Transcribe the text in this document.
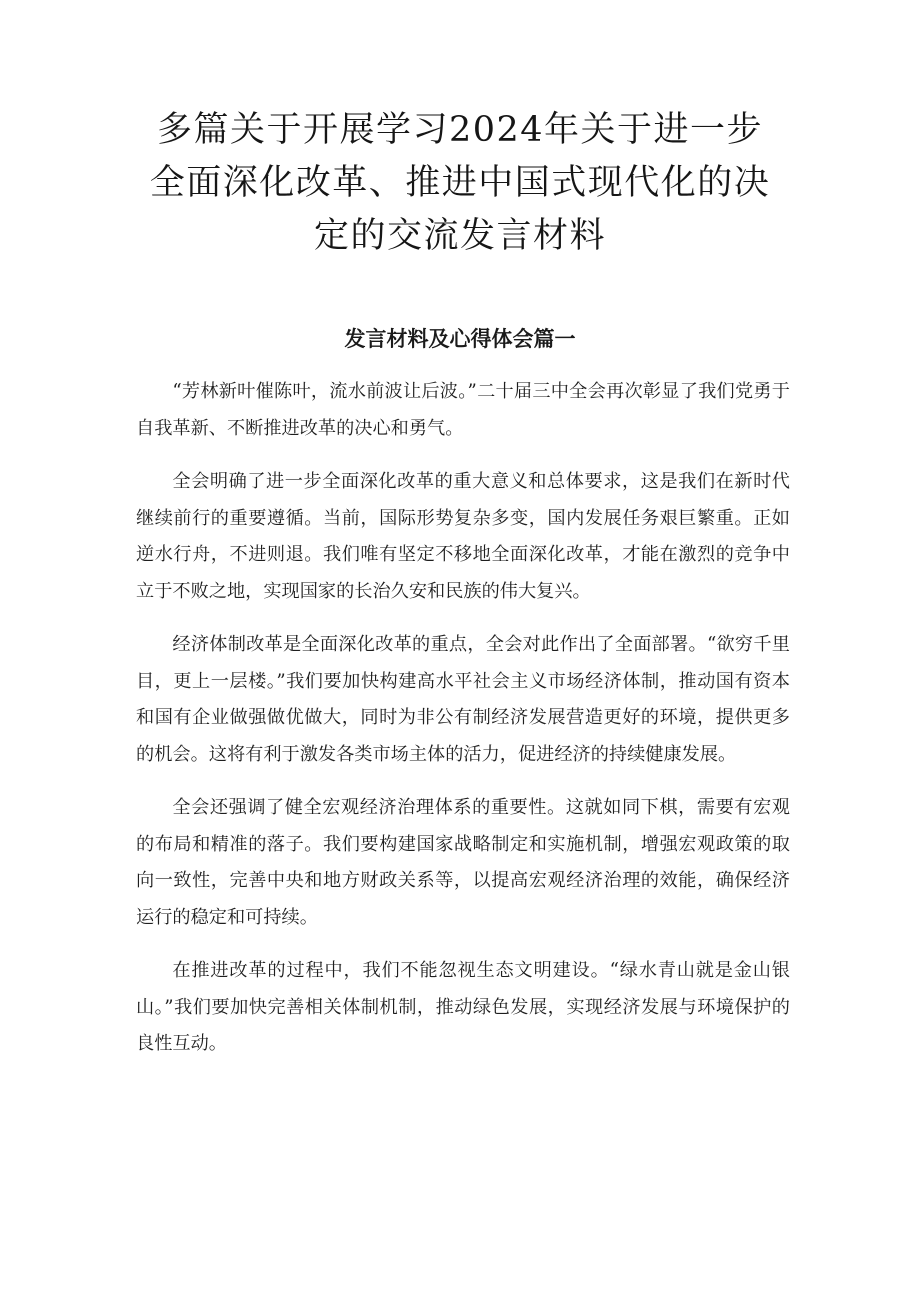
多篇关于开展学习2024年关于进一步全面深化改革、推进中国式现代化的决定的交流发言材料
发言材料及心得体会篇一

“芳林新叶催陈叶，流水前波让后波。”二十届三中全会再次彰显了我们党勇于自我革新、不断推进改革的决心和勇气。

全会明确了进一步全面深化改革的重大意义和总体要求，这是我们在新时代继续前行的重要遵循。当前，国际形势复杂多变，国内发展任务艰巨繁重。正如逆水行舟，不进则退。我们唯有坚定不移地全面深化改革，才能在激烈的竞争中立于不败之地，实现国家的长治久安和民族的伟大复兴。

经济体制改革是全面深化改革的重点，全会对此作出了全面部署。“欲穷千里目，更上一层楼。”我们要加快构建高水平社会主义市场经济体制，推动国有资本和国有企业做强做优做大，同时为非公有制经济发展营造更好的环境，提供更多的机会。这将有利于激发各类市场主体的活力，促进经济的持续健康发展。

全会还强调了健全宏观经济治理体系的重要性。这就如同下棋，需要有宏观的布局和精准的落子。我们要构建国家战略制定和实施机制，增强宏观政策的取向一致性，完善中央和地方财政关系等，以提高宏观经济治理的效能，确保经济运行的稳定和可持续。

在推进改革的过程中，我们不能忽视生态文明建设。“绿水青山就是金山银山。”我们要加快完善相关体制机制，推动绿色发展，实现经济发展与环境保护的良性互动。
